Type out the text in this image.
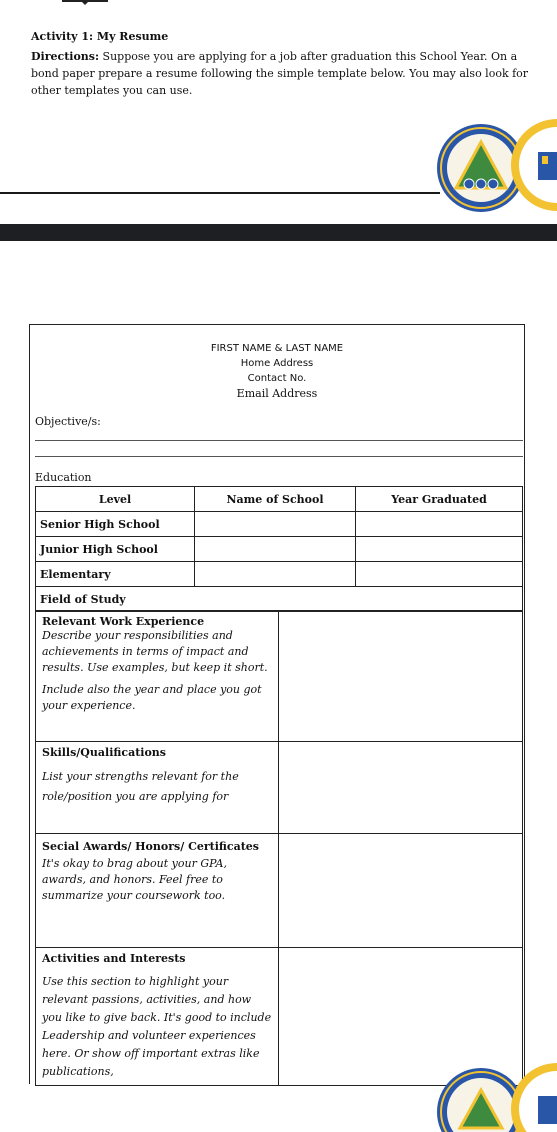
Activity 1: My Resume
Directions: Suppose you are applying for a job after graduation this School Year. On a bond paper prepare a resume following the simple template below. You may also look for other templates you can use.
FIRST NAME & LAST NAME
Home Address
Contact No.
Email Address
Objective/s:
Education
Level	Name of School	Year Graduated
Senior High School		
Junior High School		
Elementary		
Field of Study		
Relevant Work Experience
Describe your responsibilities and achievements in terms of impact and results. Use examples, but keep it short.
Include also the year and place you got your experience.	

Skills/Qualifications
List your strengths relevant for the role/position you are applying for	

Secial Awards/ Honors/ Certificates
It's okay to brag about your GPA, awards, and honors. Feel free to summarize your coursework too.	

Activities and Interests
Use this section to highlight your relevant passions, activities, and how you like to give back. It's good to include Leadership and volunteer experiences here. Or show off important extras like publications,	
